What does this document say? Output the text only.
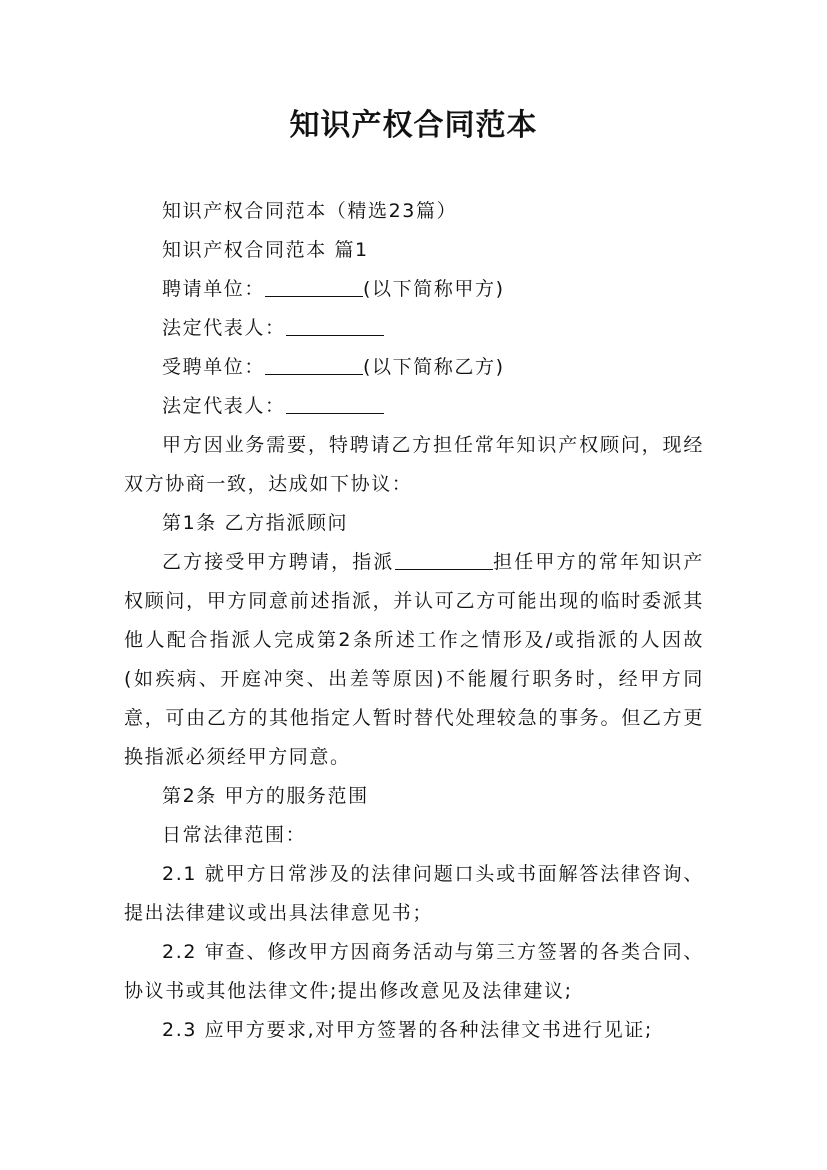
知识产权合同范本

知识产权合同范本（精选23篇）

知识产权合同范本 篇1

聘请单位：	(以下简称甲方)

法定代表人：

受聘单位：	(以下简称乙方)

法定代表人：

甲方因业务需要，特聘请乙方担任常年知识产权顾问，现经双方协商一致，达成如下协议：

第1条 乙方指派顾问

乙方接受甲方聘请，指派	担任甲方的常年知识产权顾问，甲方同意前述指派，并认可乙方可能出现的临时委派其他人配合指派人完成第2条所述工作之情形及/或指派的人因故(如疾病、开庭冲突、出差等原因)不能履行职务时，经甲方同意，可由乙方的其他指定人暂时替代处理较急的事务。但乙方更换指派必须经甲方同意。

第2条 甲方的服务范围

日常法律范围：

2.1 就甲方日常涉及的法律问题口头或书面解答法律咨询、提出法律建议或出具法律意见书；

2.2 审查、修改甲方因商务活动与第三方签署的各类合同、协议书或其他法律文件;提出修改意见及法律建议;

2.3 应甲方要求,对甲方签署的各种法律文书进行见证;
